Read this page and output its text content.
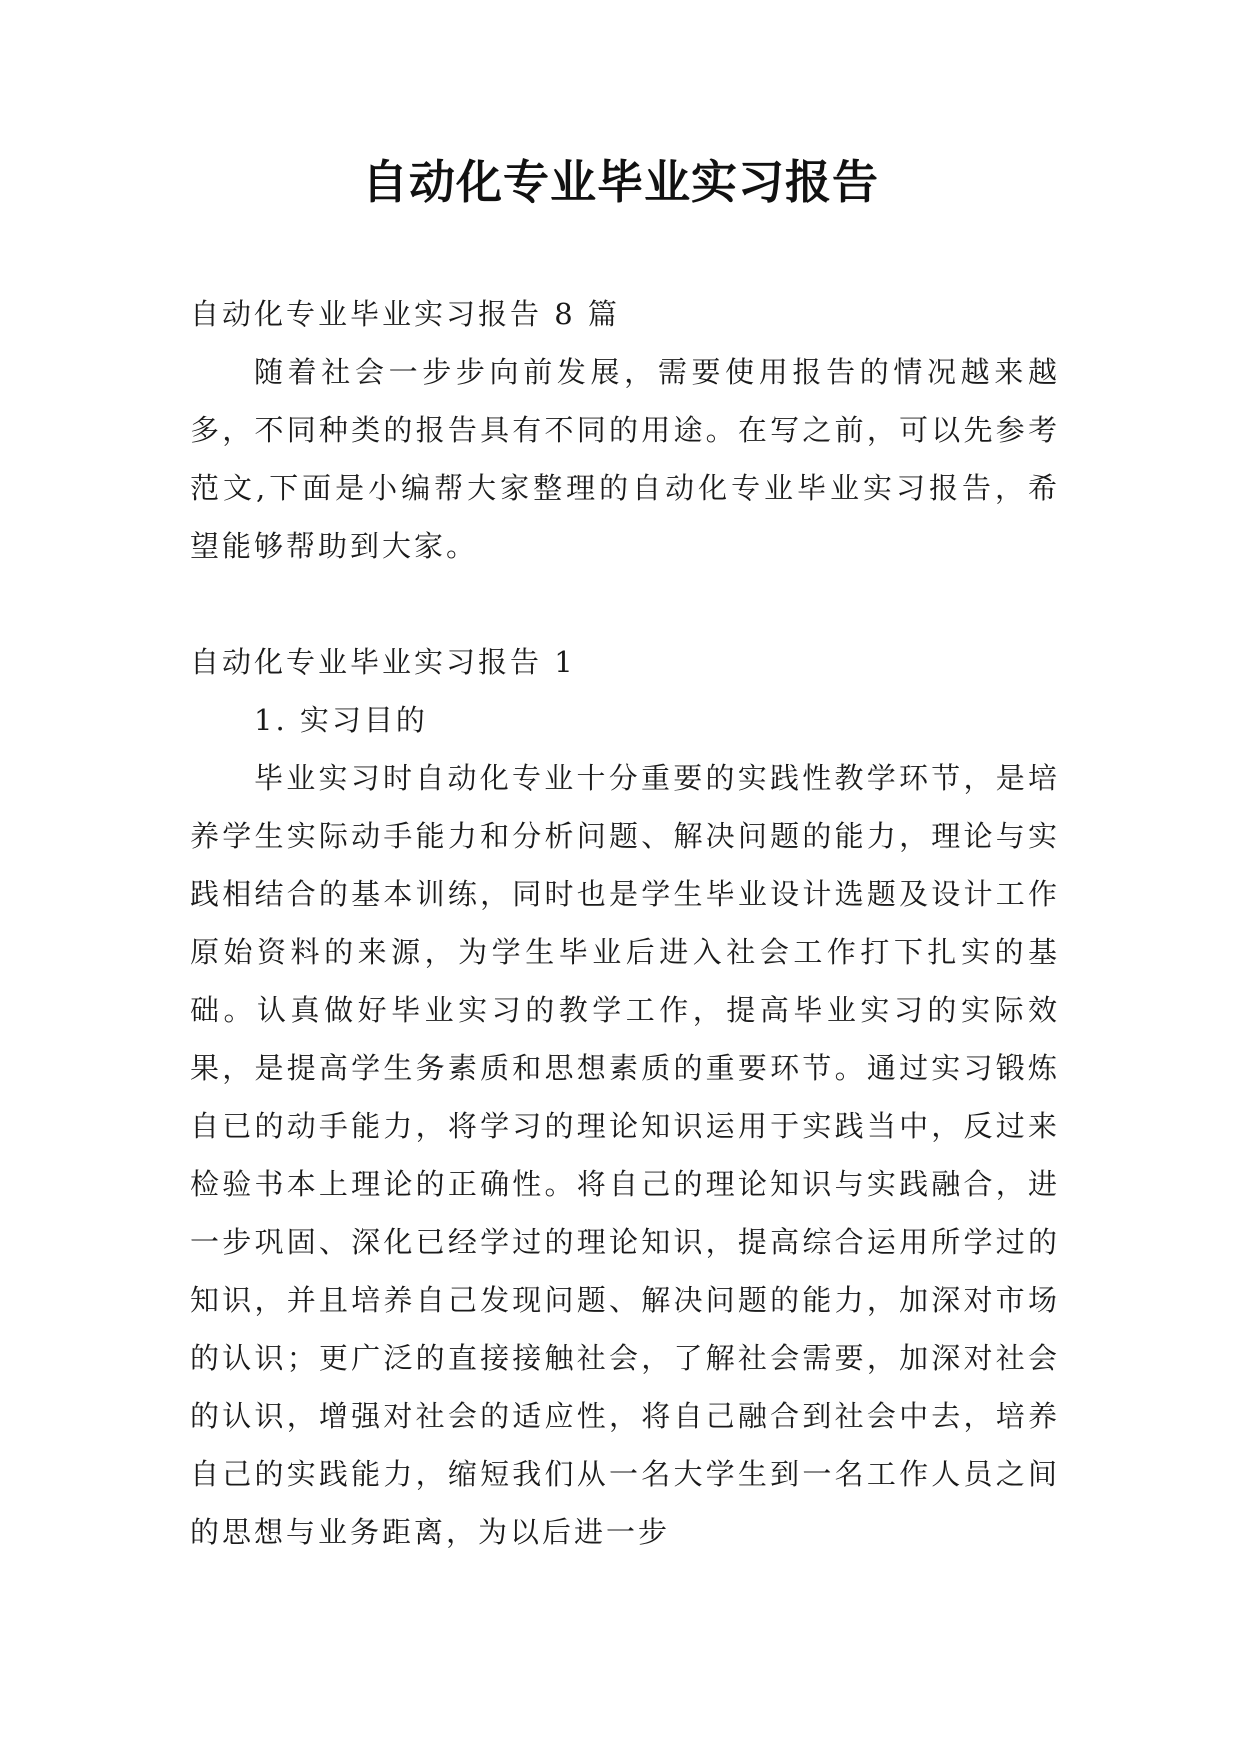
自动化专业毕业实习报告

自动化专业毕业实习报告 8 篇

随着社会一步步向前发展，需要使用报告的情况越来越多，不同种类的报告具有不同的用途。在写之前，可以先参考范文,下面是小编帮大家整理的自动化专业毕业实习报告，希望能够帮助到大家。

自动化专业毕业实习报告 1

1. 实习目的

毕业实习时自动化专业十分重要的实践性教学环节，是培养学生实际动手能力和分析问题、解决问题的能力，理论与实践相结合的基本训练，同时也是学生毕业设计选题及设计工作原始资料的来源，为学生毕业后进入社会工作打下扎实的基础。认真做好毕业实习的教学工作，提高毕业实习的实际效果，是提高学生务素质和思想素质的重要环节。通过实习锻炼自已的动手能力，将学习的理论知识运用于实践当中，反过来检验书本上理论的正确性。将自己的理论知识与实践融合，进一步巩固、深化已经学过的理论知识，提高综合运用所学过的知识，并且培养自己发现问题、解决问题的能力，加深对市场的认识；更广泛的直接接触社会，了解社会需要，加深对社会的认识，增强对社会的适应性，将自己融合到社会中去，培养自己的实践能力，缩短我们从一名大学生到一名工作人员之间的思想与业务距离，为以后进一步
